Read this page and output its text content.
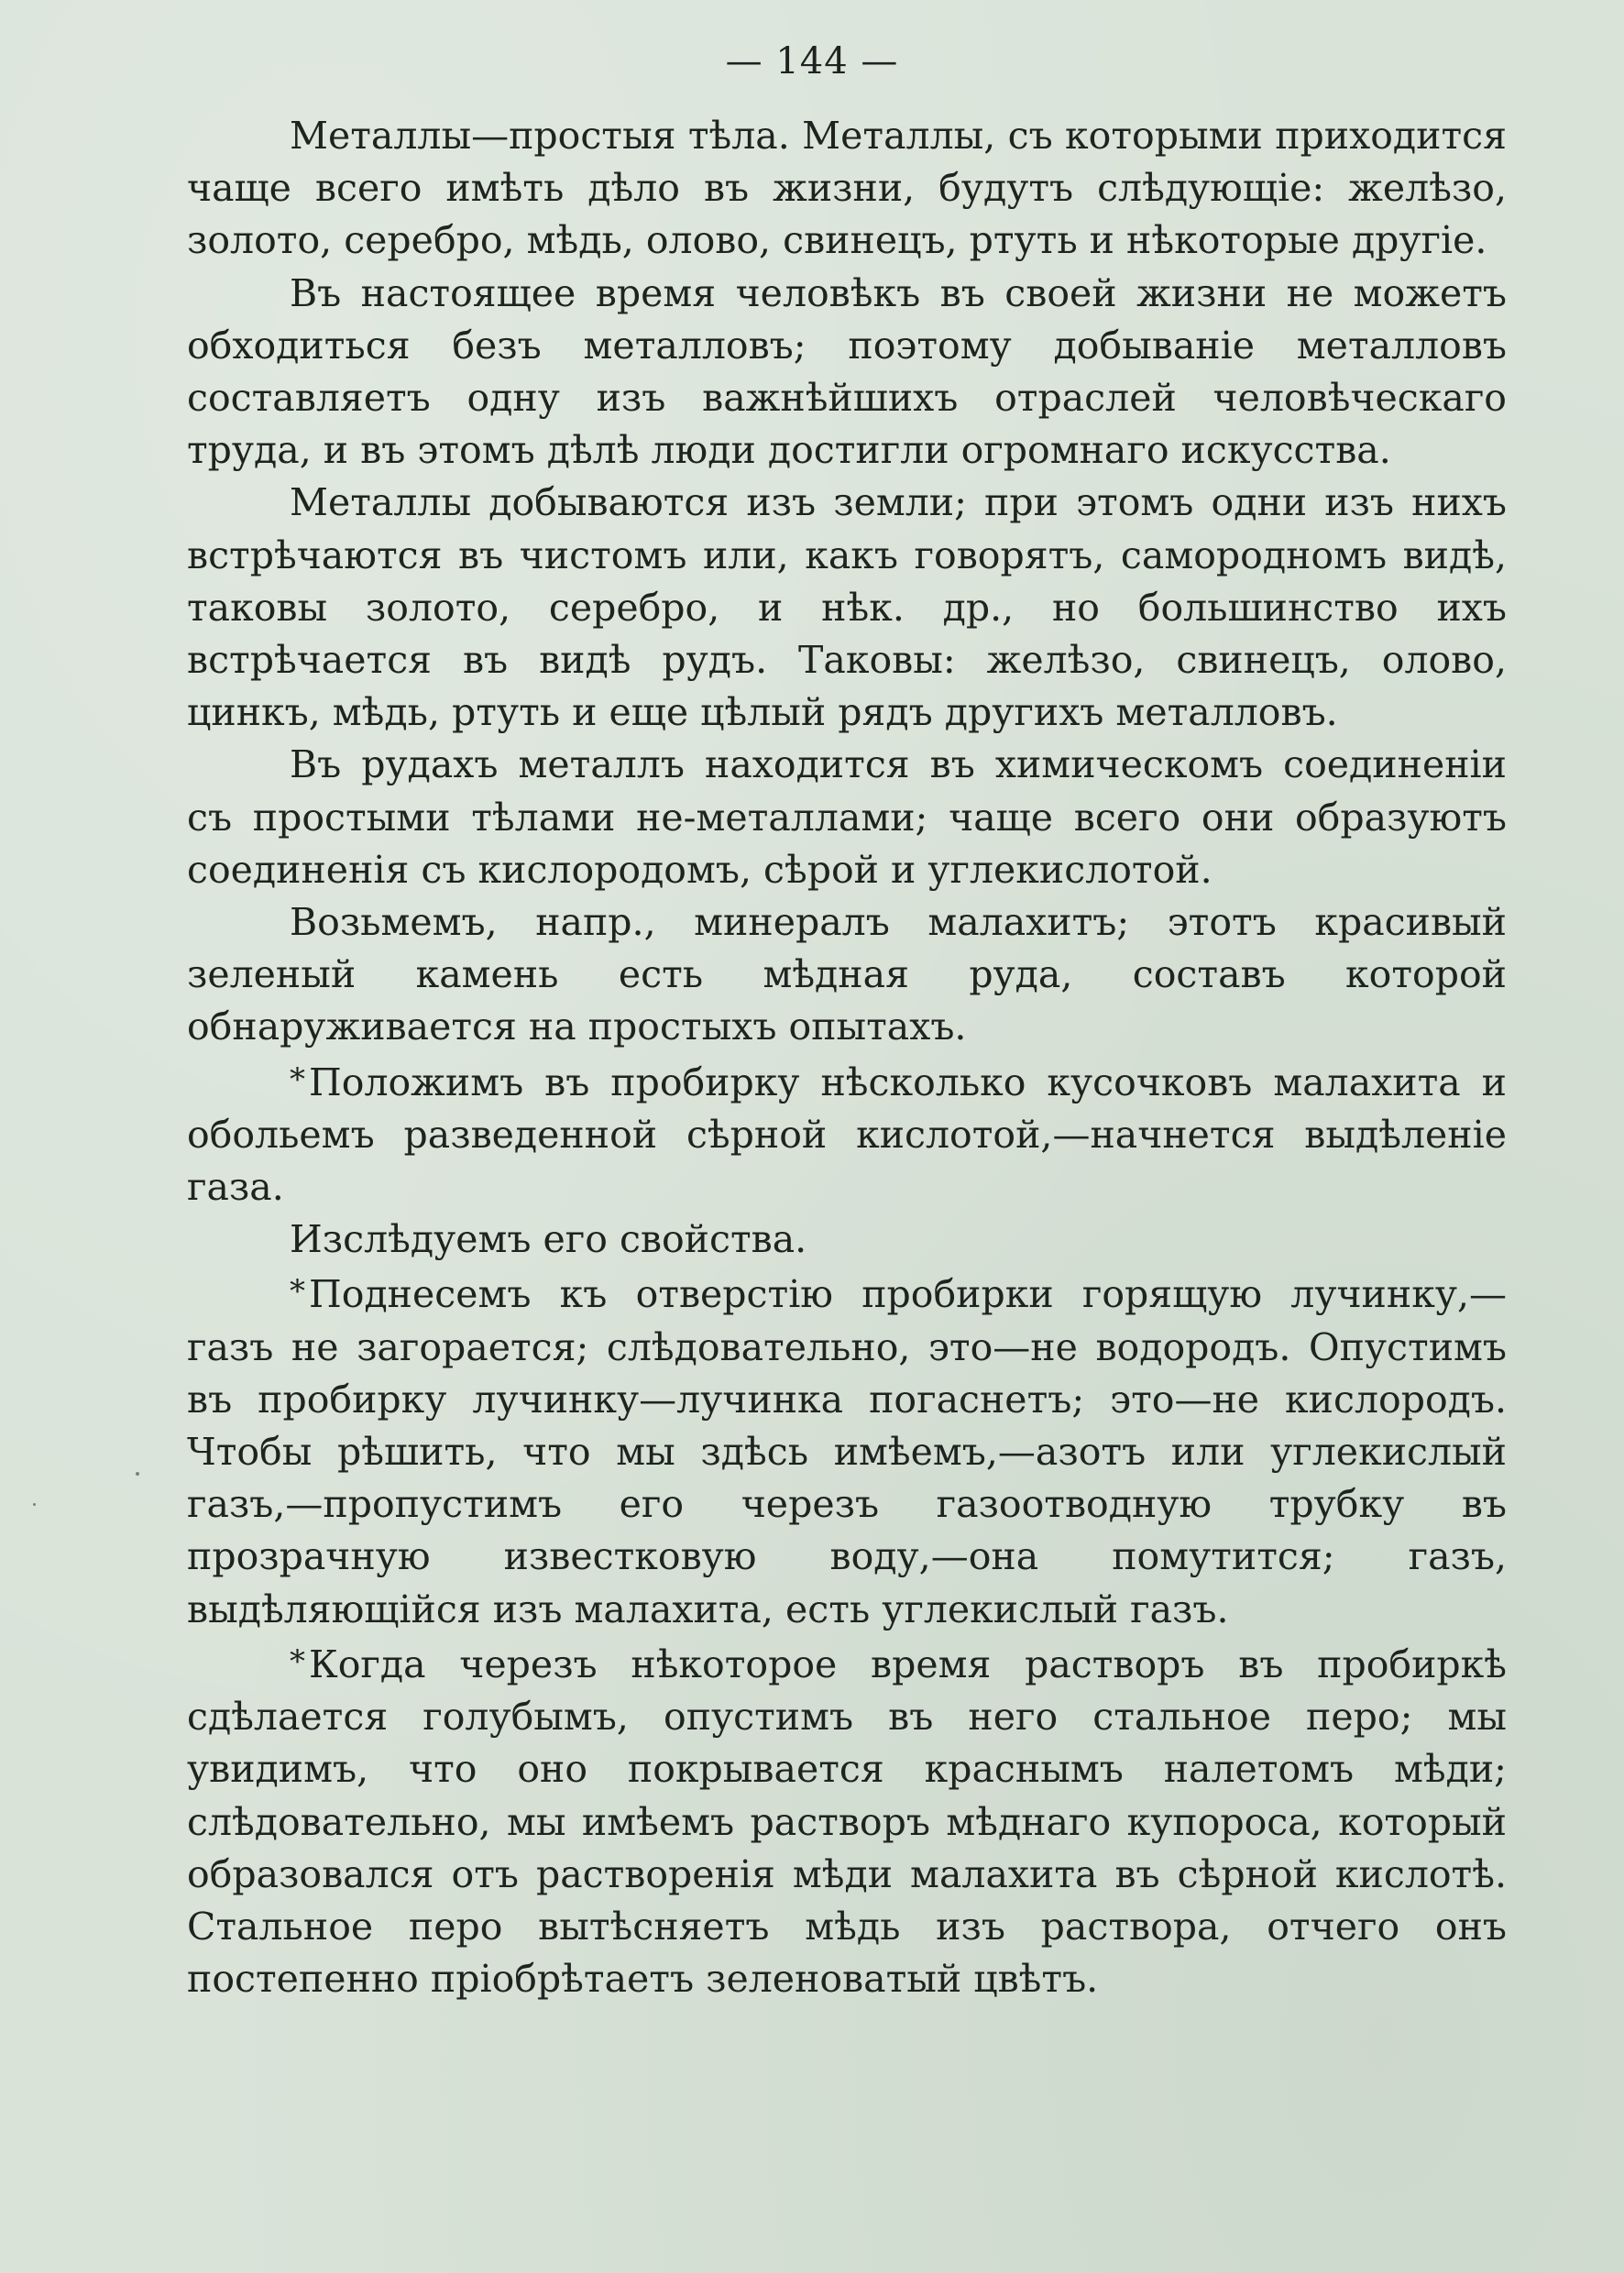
— 144 —

Металлы—простыя тѣла. Металлы, съ которыми приходится чаще всего имѣть дѣло въ жизни, будутъ слѣдующіе: желѣзо, золото, серебро, мѣдь, олово, свинецъ, ртуть и нѣкоторые другіе.

Въ настоящее время человѣкъ въ своей жизни не можетъ обходиться безъ металловъ; поэтому добываніе металловъ составляетъ одну изъ важнѣйшихъ отраслей человѣческаго труда, и въ этомъ дѣлѣ люди достигли огромнаго искусства.

Металлы добываются изъ земли; при этомъ одни изъ нихъ встрѣчаются въ чистомъ или, какъ говорятъ, самородномъ видѣ, таковы золото, серебро, и нѣк. др., но большинство ихъ встрѣчается въ видѣ рудъ. Таковы: желѣзо, свинецъ, олово, цинкъ, мѣдь, ртуть и еще цѣлый рядъ другихъ металловъ.

Въ рудахъ металлъ находится въ химическомъ соединеніи съ простыми тѣлами не-металлами; чаще всего они образуютъ соединенія съ кислородомъ, сѣрой и углекислотой.

Возьмемъ, напр., минералъ малахитъ; этотъ красивый зеленый камень есть мѣдная руда, составъ которой обнаруживается на простыхъ опытахъ.

*Положимъ въ пробирку нѣсколько кусочковъ малахита и обольемъ разведенной сѣрной кислотой,—начнется выдѣленіе газа.

Изслѣдуемъ его свойства.

*Поднесемъ къ отверстію пробирки горящую лучинку,—газъ не загорается; слѣдовательно, это—не водородъ. Опустимъ въ пробирку лучинку—лучинка погаснетъ; это—не кислородъ. Чтобы рѣшить, что мы здѣсь имѣемъ,—азотъ или углекислый газъ,—пропустимъ его черезъ газоотводную трубку въ прозрачную известковую воду,—она помутится; газъ, выдѣляющійся изъ малахита, есть углекислый газъ.

*Когда черезъ нѣкоторое время растворъ въ пробиркѣ сдѣлается голубымъ, опустимъ въ него стальное перо; мы увидимъ, что оно покрывается краснымъ налетомъ мѣди; слѣдовательно, мы имѣемъ растворъ мѣднаго купороса, который образовался отъ растворенія мѣди малахита въ сѣрной кислотѣ. Стальное перо вытѣсняетъ мѣдь изъ раствора, отчего онъ постепенно пріобрѣтаетъ зеленоватый цвѣтъ.
